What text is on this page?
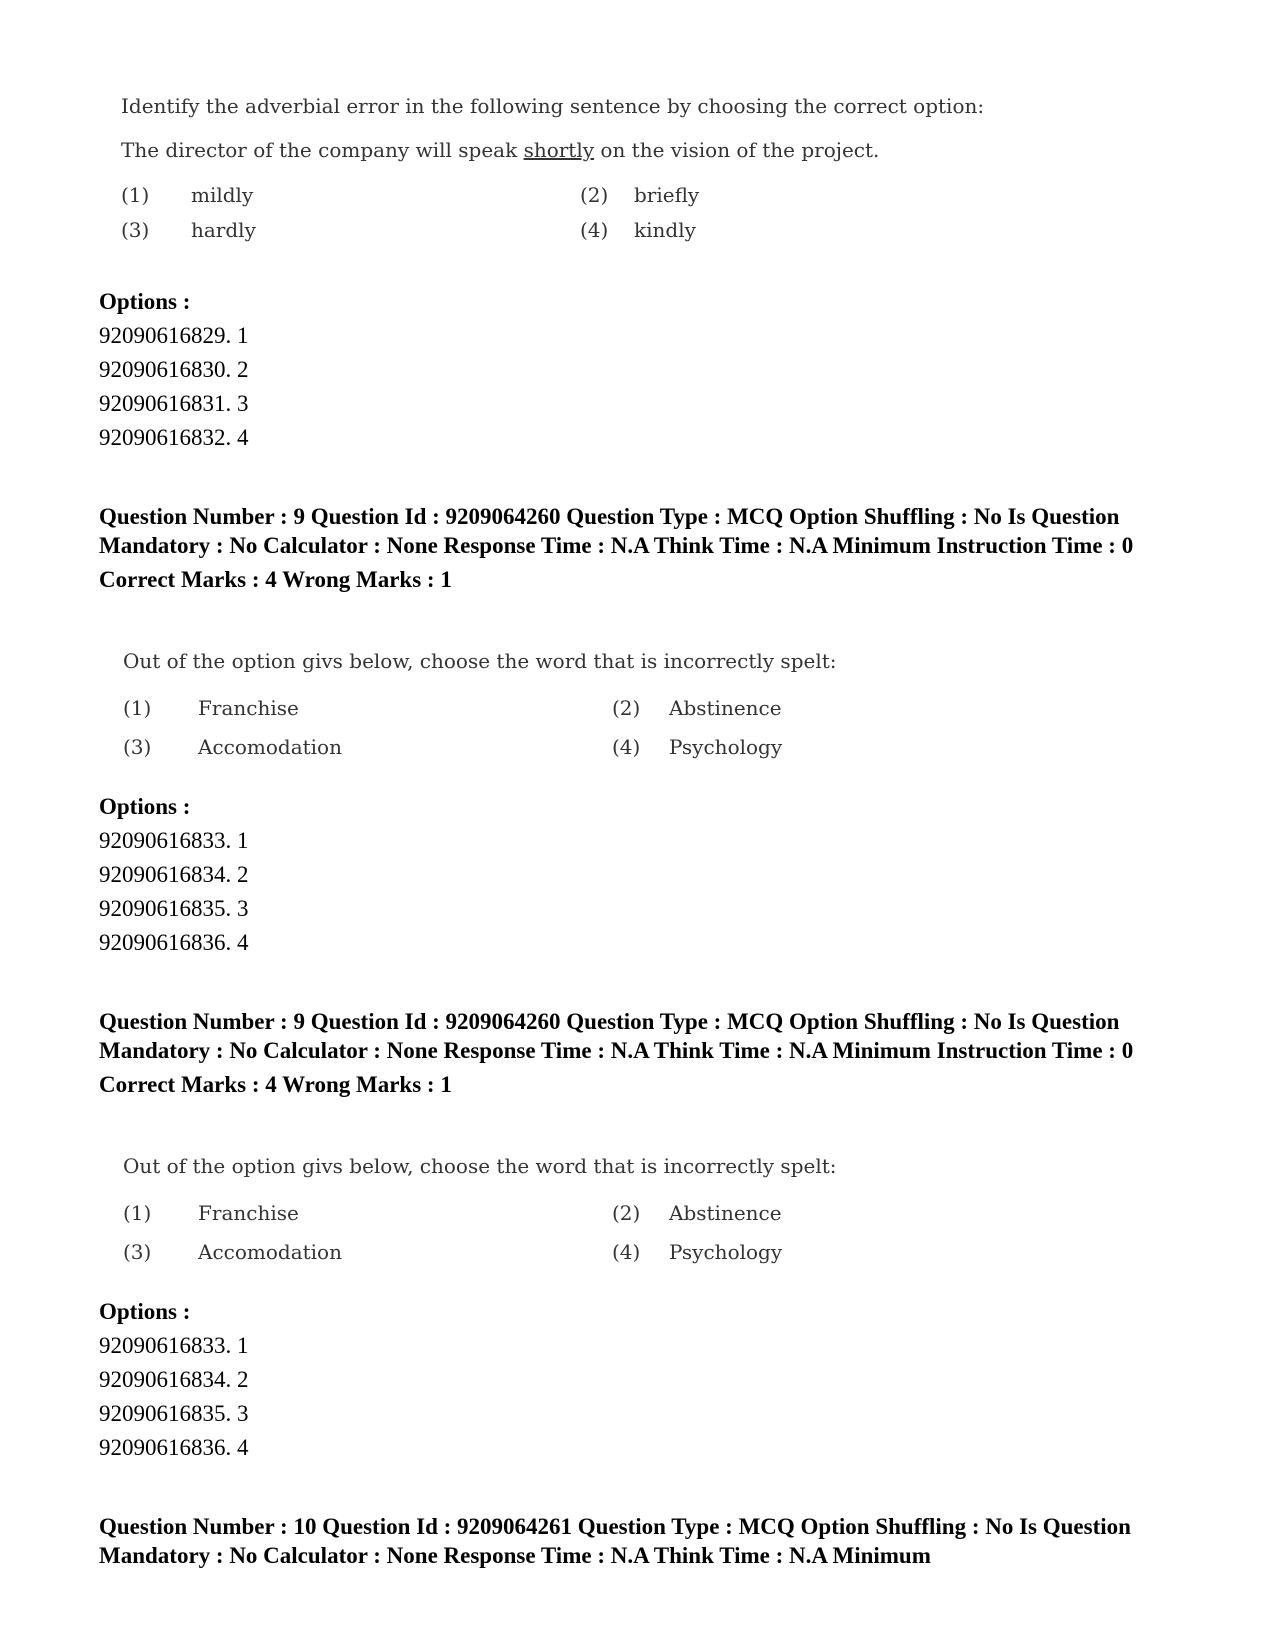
Identify the adverbial error in the following sentence by choosing the correct option:
The director of the company will speak shortly on the vision of the project.
(1) mildly	(2) briefly
(3) hardly	(4) kindly
Options :
92090616829. 1
92090616830. 2
92090616831. 3
92090616832. 4
Question Number : 9 Question Id : 9209064260 Question Type : MCQ Option Shuffling : No Is Question Mandatory : No Calculator : None Response Time : N.A Think Time : N.A Minimum Instruction Time : 0
Correct Marks : 4 Wrong Marks : 1
Out of the option givs below, choose the word that is incorrectly spelt:
(1) Franchise	(2) Abstinence
(3) Accomodation	(4) Psychology
Options :
92090616833. 1
92090616834. 2
92090616835. 3
92090616836. 4
Question Number : 9 Question Id : 9209064260 Question Type : MCQ Option Shuffling : No Is Question Mandatory : No Calculator : None Response Time : N.A Think Time : N.A Minimum Instruction Time : 0
Correct Marks : 4 Wrong Marks : 1
Out of the option givs below, choose the word that is incorrectly spelt:
(1) Franchise	(2) Abstinence
(3) Accomodation	(4) Psychology
Options :
92090616833. 1
92090616834. 2
92090616835. 3
92090616836. 4
Question Number : 10 Question Id : 9209064261 Question Type : MCQ Option Shuffling : No Is Question Mandatory : No Calculator : None Response Time : N.A Think Time : N.A Minimum
